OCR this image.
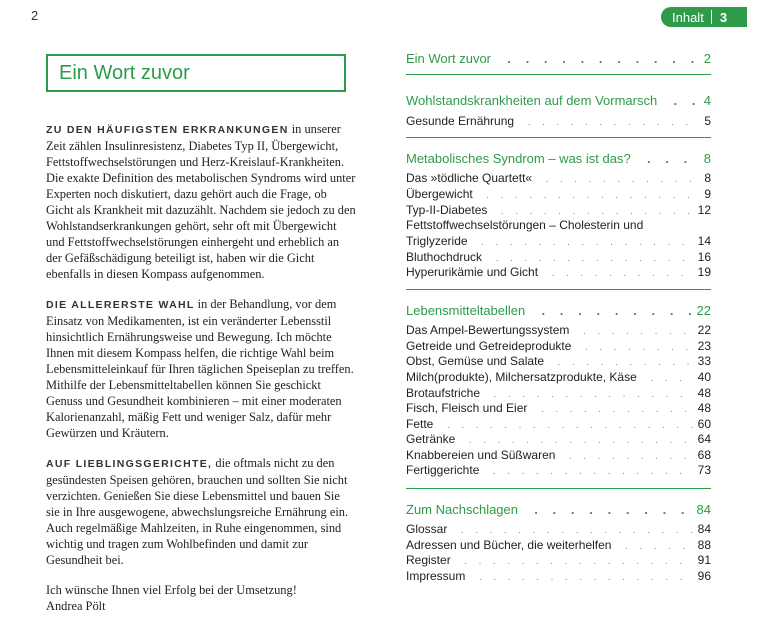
2	Inhalt	3
Ein Wort zuvor

ZU DEN HÄUFIGSTEN ERKRANKUNGEN in unserer Zeit zählen Insulinresistenz, Diabetes Typ II, Übergewicht, Fettstoffwechselstörungen und Herz-Kreislauf-Krankheiten. Die exakte Definition des metabolischen Syndroms wird unter Experten noch diskutiert, dazu gehört auch die Frage, ob Gicht als Krankheit mit dazuzählt. Nachdem sie jedoch zu den Wohlstandserkrankungen gehört, sehr oft mit Übergewicht und Fettstoffwechselstörungen einhergeht und erheblich an der Gefäßschädigung beteiligt ist, haben wir die Gicht ebenfalls in diesen Kompass aufgenommen.

DIE ALLERERSTE WAHL in der Behandlung, vor dem Einsatz von Medikamenten, ist ein veränderter Lebensstil hinsichtlich Ernährungsweise und Bewegung. Ich möchte Ihnen mit diesem Kompass helfen, die richtige Wahl beim Lebensmitteleinkauf für Ihren täglichen Speiseplan zu treffen. Mithilfe der Lebensmitteltabellen können Sie geschickt Genuss und Gesundheit kombinieren – mit einer moderaten Kalorienanzahl, mäßig Fett und weniger Salz, dafür mehr Gewürzen und Kräutern.

AUF LIEBLINGSGERICHTE, die oftmals nicht zu den gesündesten Speisen gehören, brauchen und sollten Sie nicht verzichten. Genießen Sie diese Lebensmittel und bauen Sie sie in Ihre ausgewogene, abwechslungsreiche Ernährung ein. Auch regelmäßige Mahlzeiten, in Ruhe eingenommen, sind wichtig und tragen zum Wohlbefinden und damit zur Gesundheit bei.

Ich wünsche Ihnen viel Erfolg bei der Umsetzung!

Andrea Pölt

Ein Wort zuvor . .	2
Wohlstandskrankheiten auf dem Vormarsch . .	4
Gesunde Ernährung . .	5
Metabolisches Syndrom – was ist das? . .	8
Das »tödliche Quartett« . .	8
Übergewicht . .	9
Typ-II-Diabetes . .	12
Fettstoffwechselstörungen – Cholesterin und
Triglyzeride . .	14
Bluthochdruck . .	16
Hyperurikämie und Gicht . .	19
Lebensmitteltabellen . .	22
Das Ampel-Bewertungssystem . .	22
Getreide und Getreideprodukte . .	23
Obst, Gemüse und Salate . .	33
Milch(produkte), Milchersatzprodukte, Käse . .	40
Brotaufstriche . .	48
Fisch, Fleisch und Eier . .	48
Fette . .	60
Getränke . .	64
Knabbereien und Süßwaren . .	68
Fertiggerichte . .	73
Zum Nachschlagen . .	84
Glossar . .	84
Adressen und Bücher, die weiterhelfen . .	88
Register . .	91
Impressum . .	96
